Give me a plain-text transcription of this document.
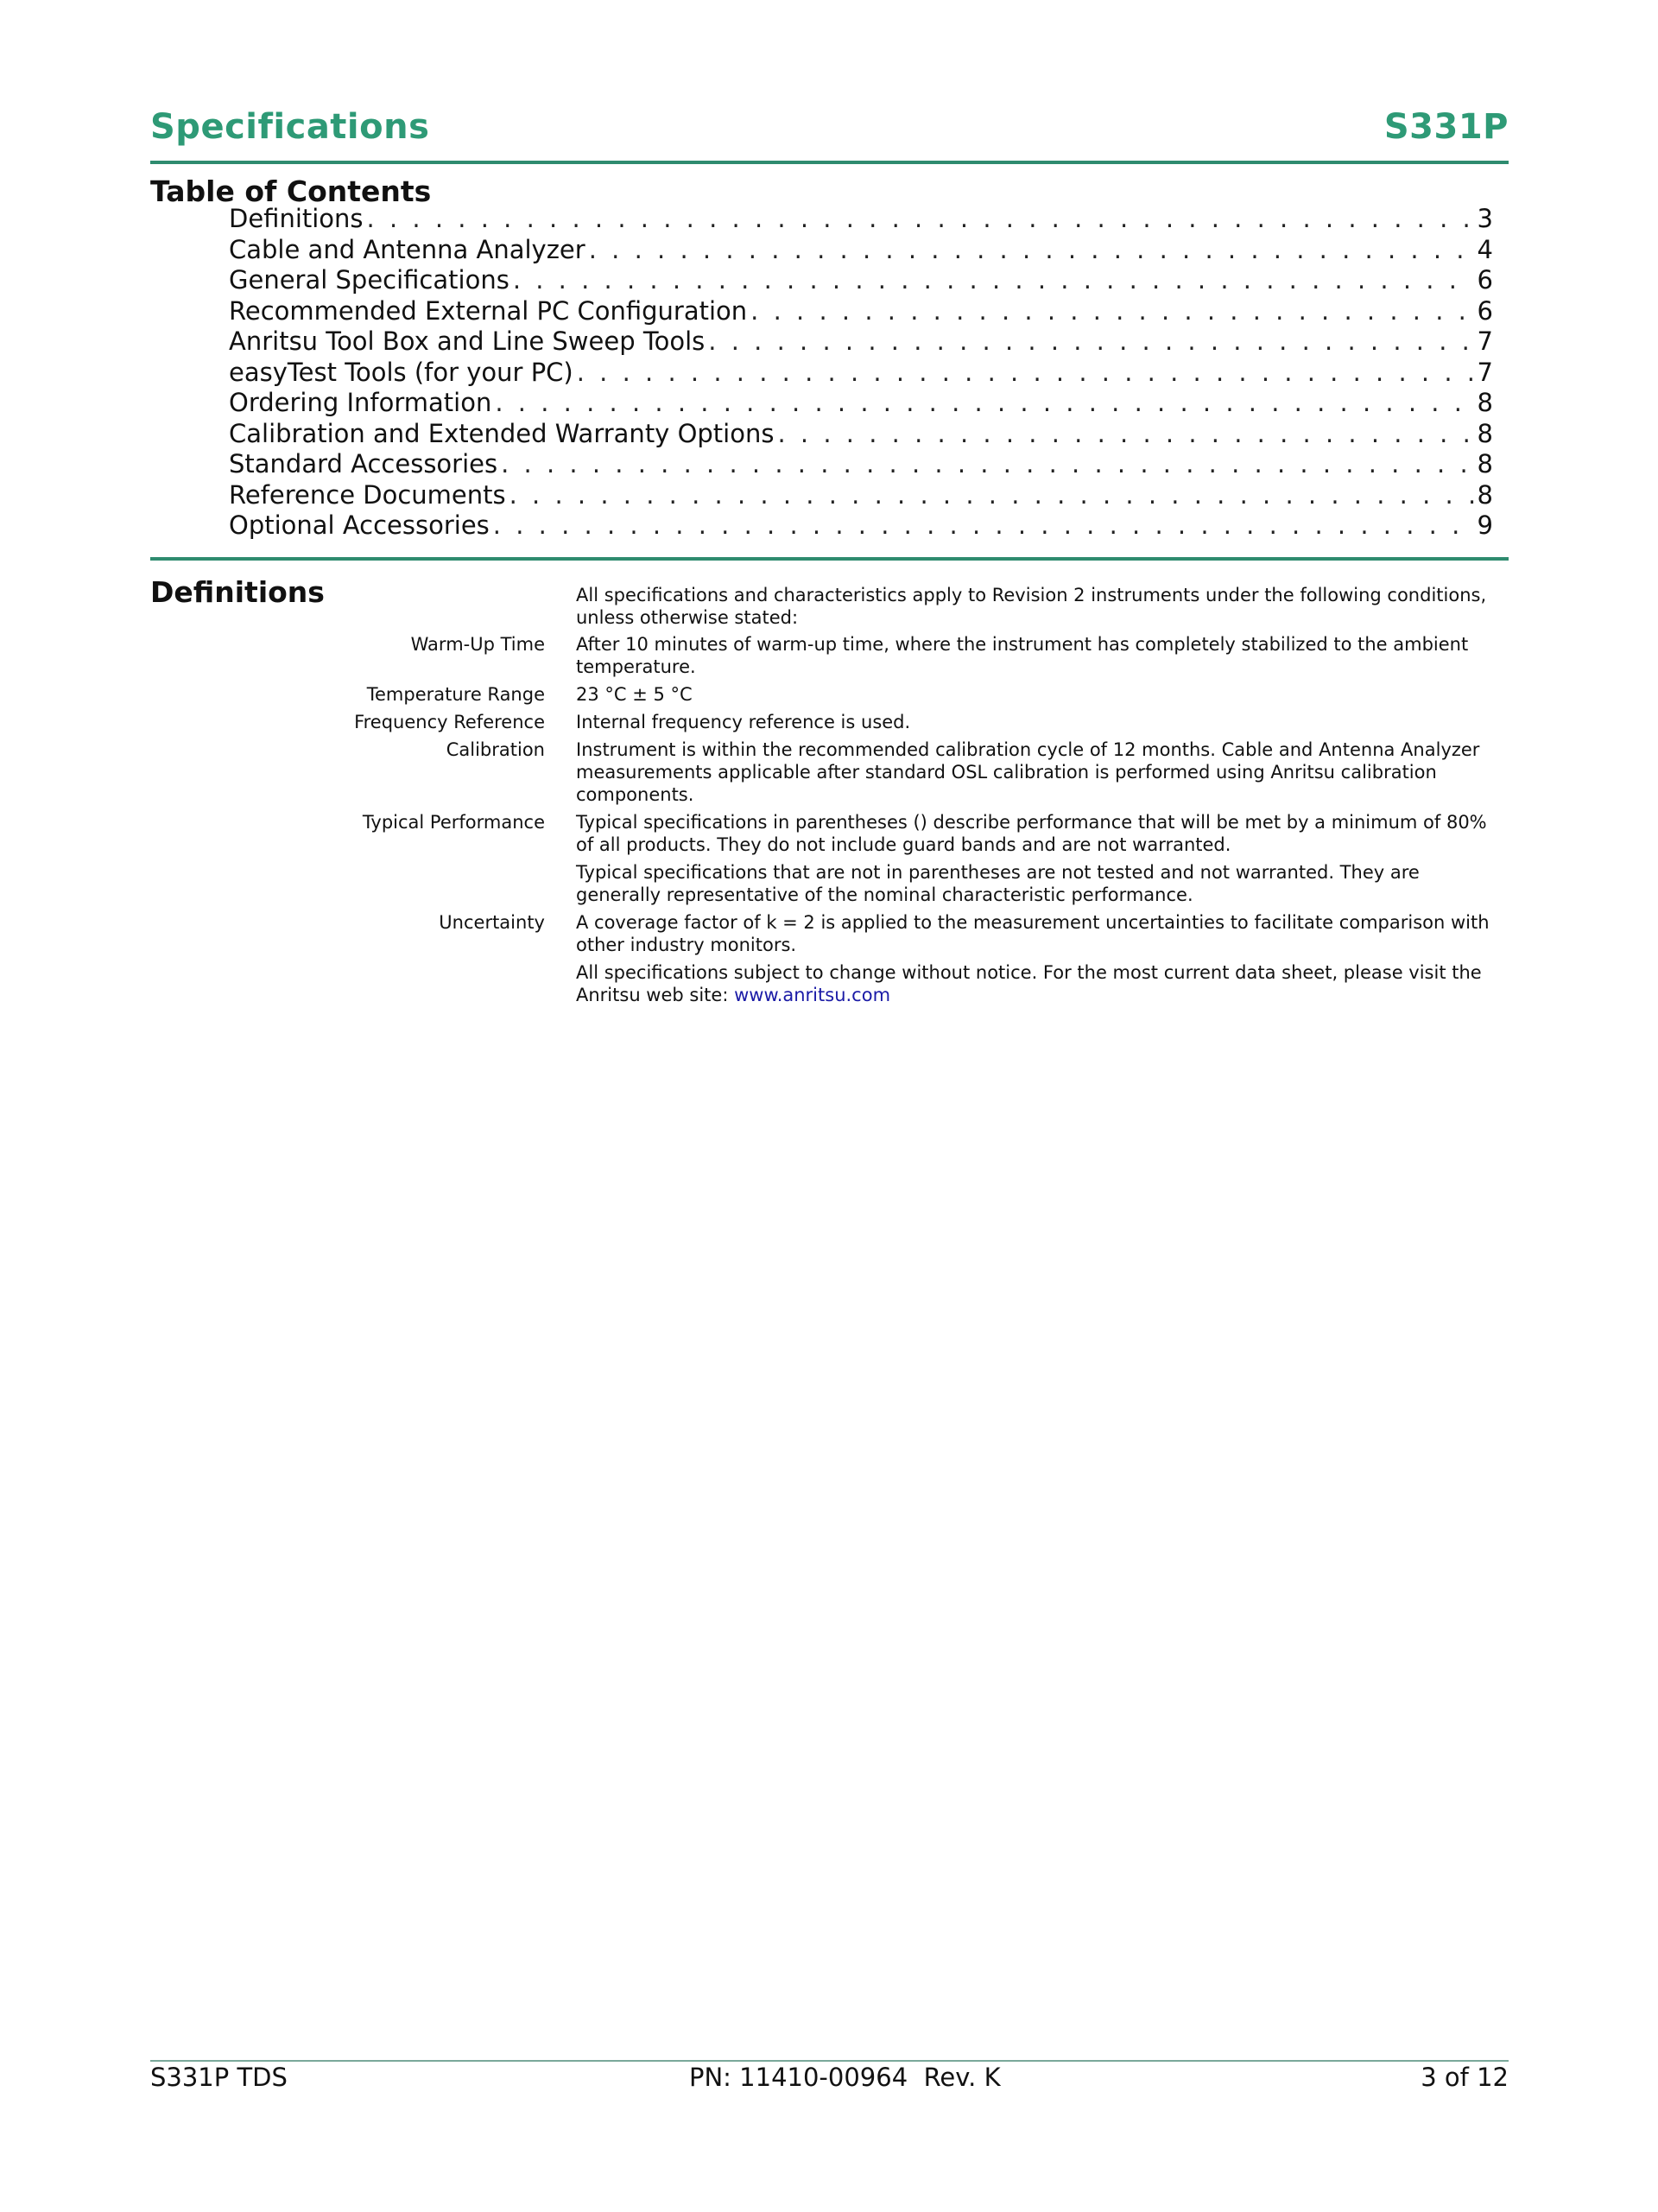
Specifications	S331P
Table of Contents
Definitions . . .	3
Cable and Antenna Analyzer . . .	4
General Specifications . . .	6
Recommended External PC Configuration . . .	6
Anritsu Tool Box and Line Sweep Tools . . .	7
easyTest Tools (for your PC) . . .	7
Ordering Information . . .	8
Calibration and Extended Warranty Options . . .	8
Standard Accessories . . .	8
Reference Documents . . .	8
Optional Accessories . . .	9
Definitions	All specifications and characteristics apply to Revision 2 instruments under the following conditions, unless otherwise stated:
Warm-Up Time	After 10 minutes of warm-up time, where the instrument has completely stabilized to the ambient temperature.

Temperature Range	23 °C ± 5 °C

Frequency Reference	Internal frequency reference is used.

Calibration	Instrument is within the recommended calibration cycle of 12 months. Cable and Antenna Analyzer measurements applicable after standard OSL calibration is performed using Anritsu calibration components.

Typical Performance	Typical specifications in parentheses () describe performance that will be met by a minimum of 80% of all products. They do not include guard bands and are not warranted.

Typical specifications that are not in parentheses are not tested and not warranted. They are generally representative of the nominal characteristic performance.

Uncertainty	A coverage factor of k = 2 is applied to the measurement uncertainties to facilitate comparison with other industry monitors.

All specifications subject to change without notice. For the most current data sheet, please visit the Anritsu web site: www.anritsu.com
S331P TDS	PN: 11410-00964  Rev. K	3 of 12
